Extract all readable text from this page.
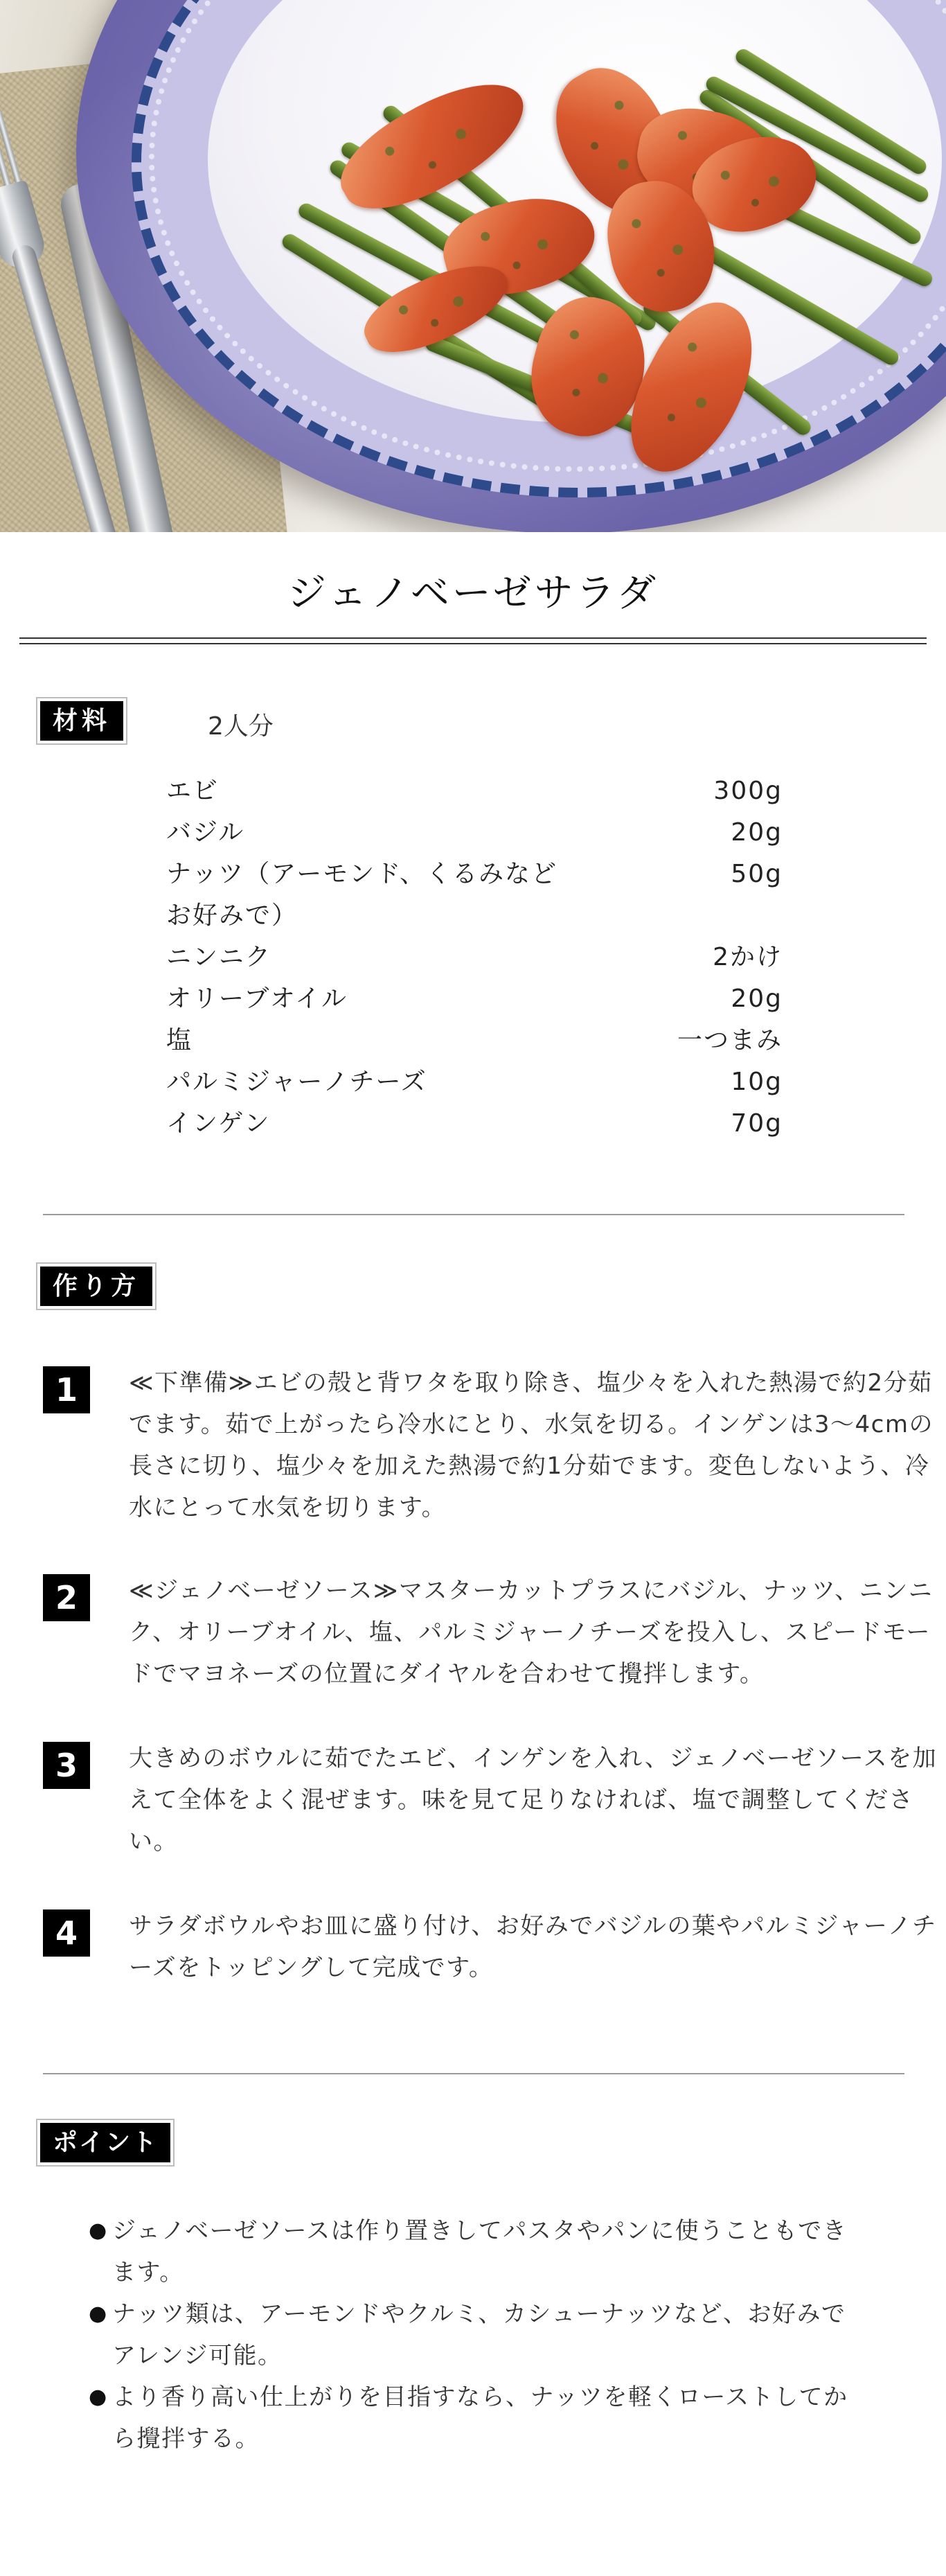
ジェノベーゼサラダ
材料	2人分
エビ	300g
バジル	20g
ナッツ（アーモンド、くるみなどお好みで）
50g
ニンニク	2かけ
オリーブオイル	20g
塩	一つまみ
パルミジャーノチーズ	10g
インゲン	70g
作り方
1	≪下準備≫エビの殻と背ワタを取り除き、塩少々を入れた熱湯で約2分茹でます。茹で上がったら冷水にとり、水気を切る。インゲンは3〜4cmの長さに切り、塩少々を加えた熱湯で約1分茹でます。変色しないよう、冷水にとって水気を切ります。
2	≪ジェノベーゼソース≫マスターカットプラスにバジル、ナッツ、ニンニク、オリーブオイル、塩、パルミジャーノチーズを投入し、スピードモードでマヨネーズの位置にダイヤルを合わせて攪拌します。
3	大きめのボウルに茹でたエビ、インゲンを入れ、ジェノベーゼソースを加えて全体をよく混ぜます。味を見て足りなければ、塩で調整してください。
4	サラダボウルやお皿に盛り付け、お好みでバジルの葉やパルミジャーノチーズをトッピングして完成です。
ポイント
● ジェノベーゼソースは作り置きしてパスタやパンに使うこともできます。
● ナッツ類は、アーモンドやクルミ、カシューナッツなど、お好みでアレンジ可能。
● より香り高い仕上がりを目指すなら、ナッツを軽くローストしてから攪拌する。
